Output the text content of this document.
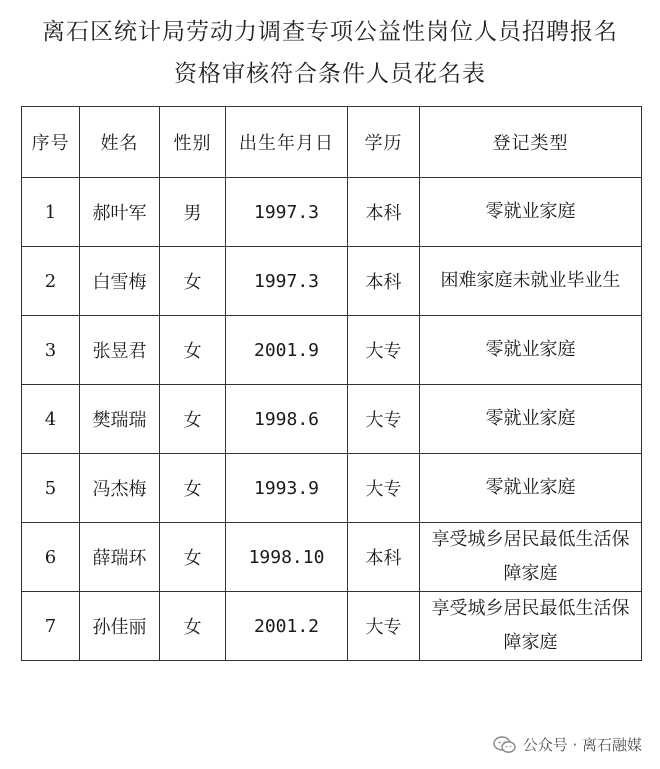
离石区统计局劳动力调查专项公益性岗位人员招聘报名
资格审核符合条件人员花名表
序号	姓名	性别	出生年月日	学历	登记类型
1	郝叶军	男	1997.3	本科	零就业家庭
2	白雪梅	女	1997.3	本科	困难家庭未就业毕业生
3	张昱君	女	2001.9	大专	零就业家庭
4	樊瑞瑞	女	1998.6	大专	零就业家庭
5	冯杰梅	女	1993.9	大专	零就业家庭
6	薛瑞环	女	1998.10	本科	享受城乡居民最低生活保障家庭
7	孙佳丽	女	2001.2	大专	享受城乡居民最低生活保障家庭
公众号 · 离石融媒
